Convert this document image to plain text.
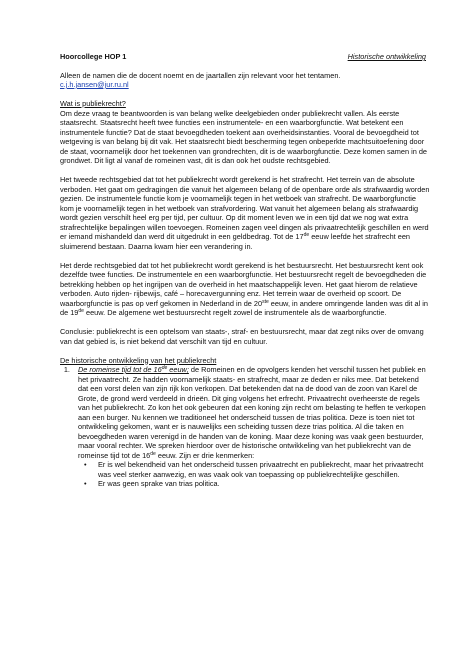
Hoorcollege HOP 1	Historische ontwikkeling

Alleen de namen die de docent noemt en de jaartallen zijn relevant voor het tentamen.
c.j.h.jansen@jur.ru.nl

Wat is publiekrecht?
Om deze vraag te beantwoorden is van belang welke deelgebieden onder publiekrecht vallen. Als eerste staatsrecht. Staatsrecht heeft twee functies een instrumentele- en een waarborgfunctie. Wat betekent een instrumentele functie? Dat de staat bevoegdheden toekent aan overheidsinstanties. Vooral de bevoegdheid tot wetgeving is van belang bij dit vak. Het staatsrecht biedt bescherming tegen onbeperkte machtsuitoefening door de staat, voornamelijk door het toekennen van grondrechten, dit is de waarborgfunctie. Deze komen samen in de grondwet. Dit ligt al vanaf de romeinen vast, dit is dan ook het oudste rechtsgebied.

Het tweede rechtsgebied dat tot het publiekrecht wordt gerekend is het strafrecht. Het terrein van de absolute verboden. Het gaat om gedragingen die vanuit het algemeen belang of de openbare orde als strafwaardig worden gezien. De instrumentele functie kom je voornamelijk tegen in het wetboek van strafrecht. De waarborgfunctie kom je voornamelijk tegen in het wetboek van strafvordering. Wat vanuit het algemeen belang als strafwaardig wordt gezien verschilt heel erg per tijd, per cultuur. Op dit moment leven we in een tijd dat we nog wat extra strafrechtelijke bepalingen willen toevoegen. Romeinen zagen veel dingen als privaatrechtelijk geschillen en werd er iemand mishandeld dan werd dit uitgedrukt in een geldbedrag. Tot de 17de eeuw leefde het strafrecht een sluimerend bestaan. Daarna kwam hier een verandering in.

Het derde rechtsgebied dat tot het publiekrecht wordt gerekend is het bestuursrecht. Het bestuursrecht kent ook dezelfde twee functies. De instrumentele en een waarborgfunctie. Het bestuursrecht regelt de bevoegdheden die betrekking hebben op het ingrijpen van de overheid in het maatschappelijk leven. Het gaat hierom de relatieve verboden. Auto rijden- rijbewijs, café – horecavergunning enz. Het terrein waar de overheid op scoort. De waarborgfunctie is pas op verf gekomen in Nederland in de 20ste eeuw, in andere omringende landen was dit al in de 19de eeuw. De algemene wet bestuursrecht regelt zowel de instrumentele als de waarborgfunctie.

Conclusie: publiekrecht is een optelsom van staats-, straf- en bestuursrecht, maar dat zegt niks over de omvang van dat gebied is, is niet bekend dat verschilt van tijd en cultuur.

De historische ontwikkeling van het publiekrecht
1. De romeinse tijd tot de 16de eeuw; de Romeinen en de opvolgers kenden het verschil tussen het publiek en het privaatrecht. Ze hadden voornamelijk staats- en strafrecht, maar ze deden er niks mee. Dat betekend dat een vorst delen van zijn rijk kon verkopen. Dat betekenden dat na de dood van de zoon van Karel de Grote, de grond werd verdeeld in drieën. Dit ging volgens het erfrecht. Privaatrecht overheerste de regels van het publiekrecht. Zo kon het ook gebeuren dat een koning zijn recht om belasting te heffen te verkopen aan een burger. Nu kennen we traditioneel het onderscheid tussen de trias politica. Deze is toen niet tot ontwikkeling gekomen, want er is nauwelijks een scheiding tussen deze trias politica. Al die taken en bevoegdheden waren verenigd in de handen van de koning. Maar deze koning was vaak geen bestuurder, maar vooral rechter. We spreken hierdoor over de historische ontwikkeling van het publiekrecht van de romeinse tijd tot de 16de eeuw. Zijn er drie kenmerken:
• Er is wel bekendheid van het onderscheid tussen privaatrecht en publiekrecht, maar het privaatrecht was veel sterker aanwezig, en was vaak ook van toepassing op publiekrechtelijke geschillen.
• Er was geen sprake van trias politica.
